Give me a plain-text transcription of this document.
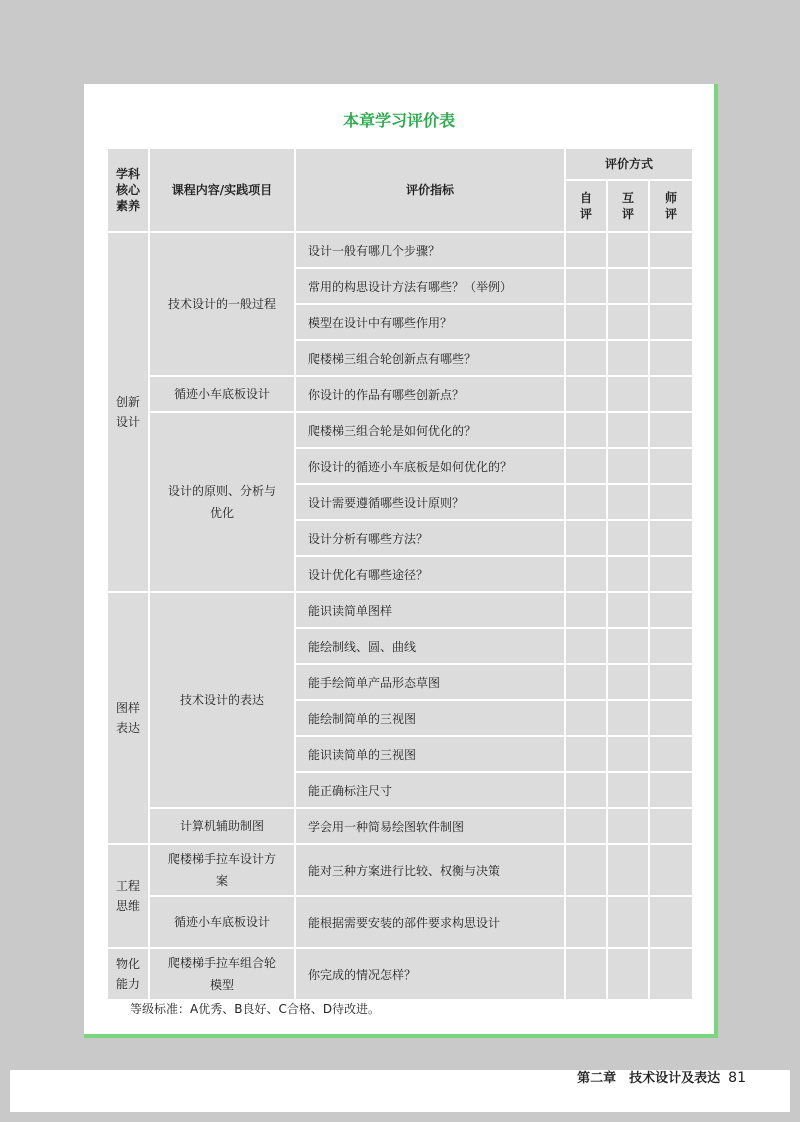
本章学习评价表
学科核心素养	课程内容/实践项目	评价指标	评价方式		
			自评	互评	师评
创新设计	技术设计的一般过程	设计一般有哪几个步骤？			
		常用的构思设计方法有哪些？（举例）			
		模型在设计中有哪些作用？			
		爬楼梯三组合轮创新点有哪些？			
	循迹小车底板设计	你设计的作品有哪些创新点？			
	设计的原则、分析与优化	爬楼梯三组合轮是如何优化的？			
		你设计的循迹小车底板是如何优化的？			
		设计需要遵循哪些设计原则？			
		设计分析有哪些方法？			
		设计优化有哪些途径？			
图样表达	技术设计的表达	能识读简单图样			
		能绘制线、圆、曲线			
		能手绘简单产品形态草图			
		能绘制简单的三视图			
		能识读简单的三视图			
		能正确标注尺寸			
	计算机辅助制图	学会用一种简易绘图软件制图			
工程思维	爬楼梯手拉车设计方案	能对三种方案进行比较、权衡与决策			
	循迹小车底板设计	能根据需要安装的部件要求构思设计			
物化能力	爬楼梯手拉车组合轮模型	你完成的情况怎样？			
等级标准：A优秀、B良好、C合格、D待改进。
第二章　技术设计及表达 81
